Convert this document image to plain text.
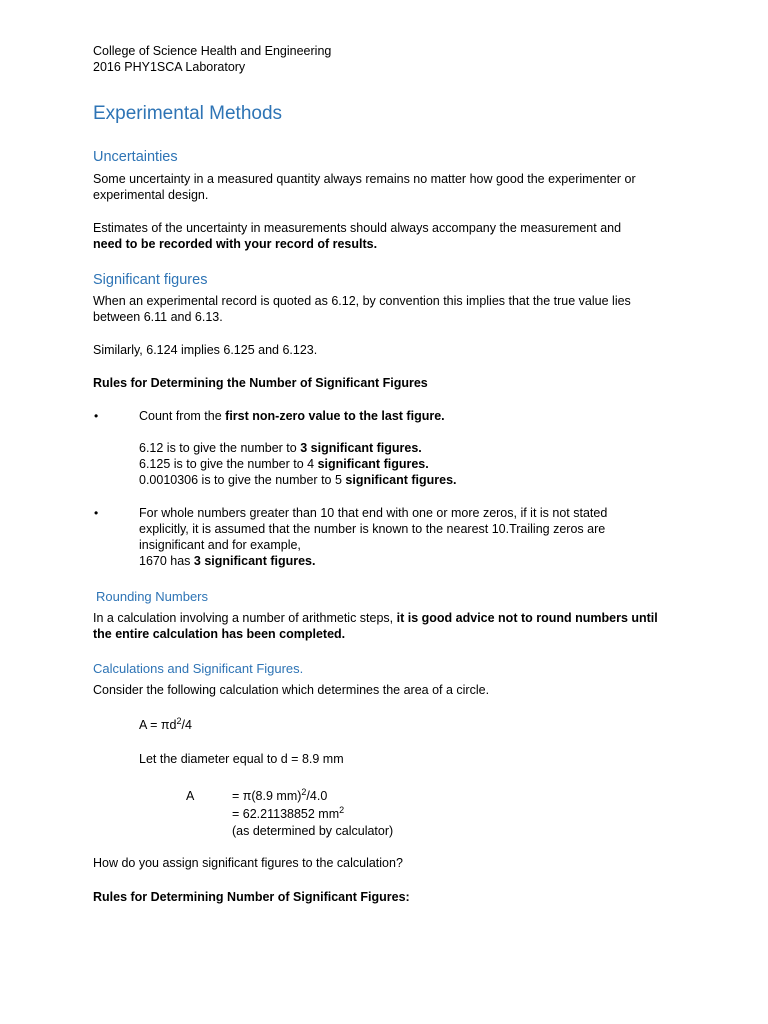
College of Science Health and Engineering

2016 PHY1SCA Laboratory

Experimental Methods
Uncertainties

Some uncertainty in a measured quantity always remains no matter how good the experimenter or

experimental design.

Estimates of the uncertainty in measurements should always accompany the measurement and

need to be recorded with your record of results.

Significant figures

When an experimental record is quoted as 6.12, by convention this implies that the true value lies

between 6.11 and 6.13.

Similarly, 6.124 implies 6.125 and 6.123.

Rules for Determining the Number of Significant Figures

•	Count from the first non-zero value to the last figure.

6.12 is to give the number to 3 significant figures.

6.125 is to give the number to 4 significant figures.

0.0010306 is to give the number to 5 significant figures.

•	For whole numbers greater than 10 that end with one or more zeros, if it is not stated

explicitly, it is assumed that the number is known to the nearest 10.Trailing zeros are

insignificant and for example,

1670 has 3 significant figures.

Rounding Numbers

In a calculation involving a number of arithmetic steps, it is good advice not to round numbers until

the entire calculation has been completed.

Calculations and Significant Figures.

Consider the following calculation which determines the area of a circle.

$A = \pi d^2/4$

Let the diameter equal to d = 8.9 mm

A	= π(8.9 mm)$^2$/4.0

= 62.21138852 $mm^2$

(as determined by calculator)

How do you assign significant figures to the calculation?

Rules for Determining Number of Significant Figures:
